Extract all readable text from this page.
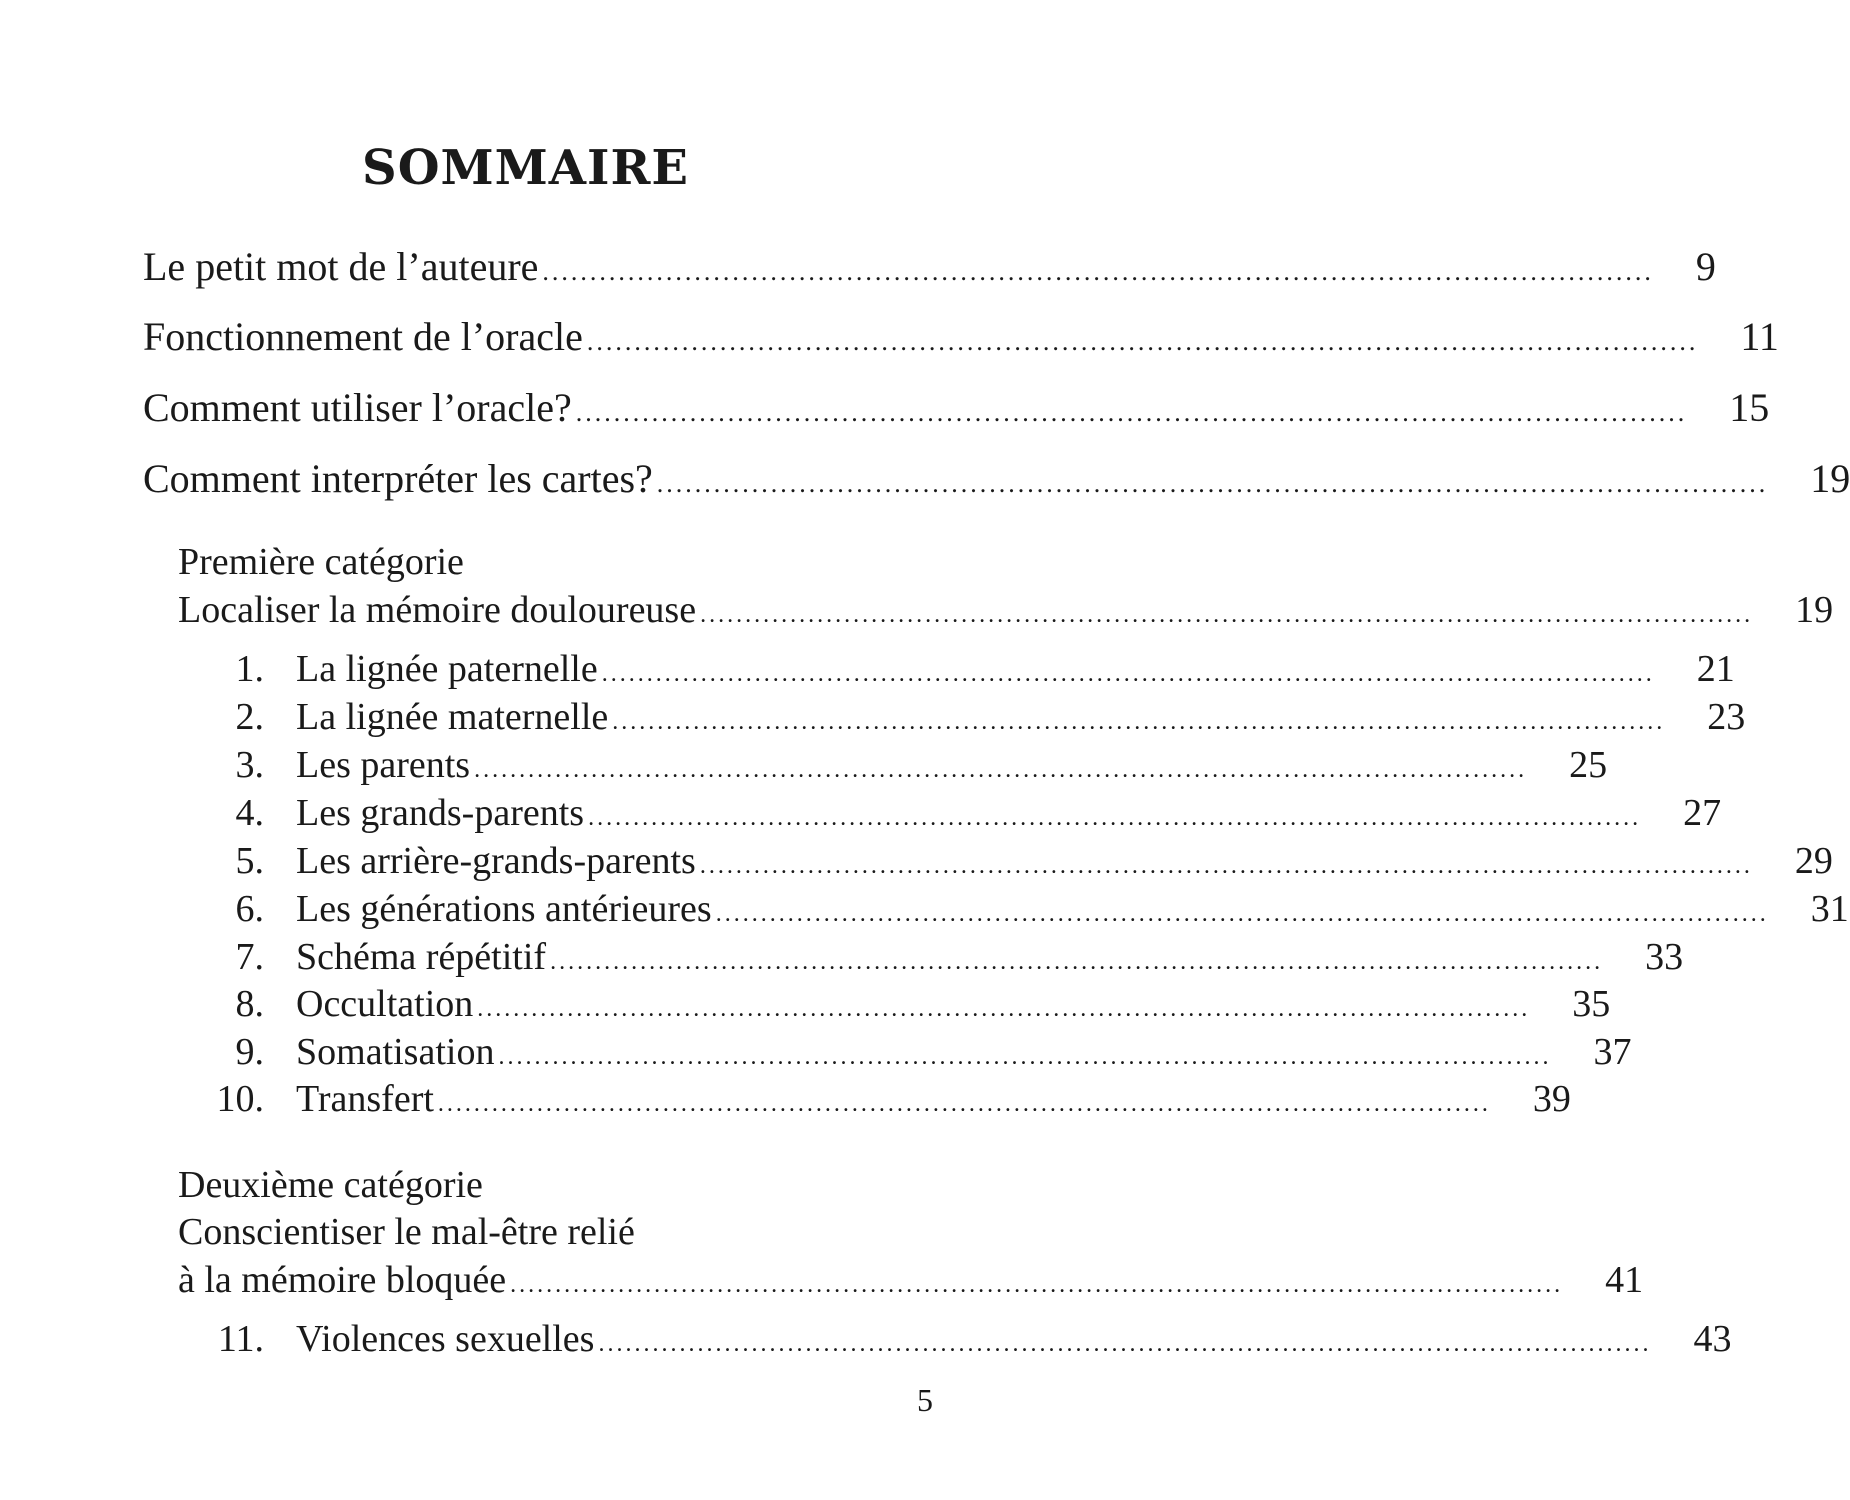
SOMMAIRE
Le petit mot de l’auteure ..................................................................................................................... 9
Fonctionnement de l’oracle ..................................................................................................................... 11
Comment utiliser l’oracle? ..................................................................................................................... 15
Comment interpréter les cartes? ..................................................................................................................... 19
Première catégorie
Localiser la mémoire douloureuse ..................................................................................................................... 19
1. La lignée paternelle ..................................................................................................................... 21
2. La lignée maternelle ..................................................................................................................... 23
3. Les parents ..................................................................................................................... 25
4. Les grands-parents ..................................................................................................................... 27
5. Les arrière-grands-parents ..................................................................................................................... 29
6. Les générations antérieures ..................................................................................................................... 31
7. Schéma répétitif ..................................................................................................................... 33
8. Occultation ..................................................................................................................... 35
9. Somatisation ..................................................................................................................... 37
10. Transfert ..................................................................................................................... 39
Deuxième catégorie
Conscientiser le mal-être relié
à la mémoire bloquée ..................................................................................................................... 41
11. Violences sexuelles ..................................................................................................................... 43
5
